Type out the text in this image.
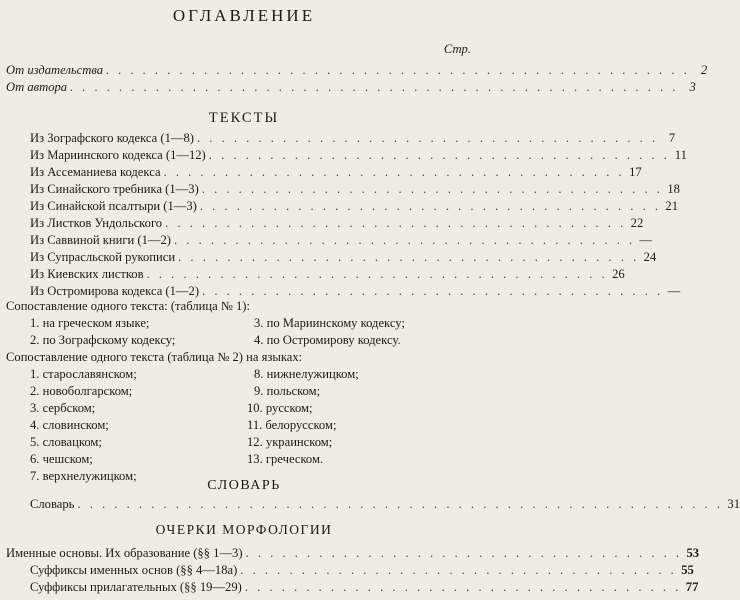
ОГЛАВЛЕНИЕ
Стр.
От издательства . . . . . . . . . . . . . . . . . . . . . . . . . . . . . . . . . . . . . . . . . . . . . . . . 2
От автора . . . . . . . . . . . . . . . . . . . . . . . . . . . . . . . . . . . . . . . . . . . . . . . . . . 3
ТЕКСТЫ
Из Зографского кодекса (1—8) . . . . . . . . . . . . . . . . . . . . . . . . . . . . . . . . . . . . . . 7
Из Мариинского кодекса (1—12) . . . . . . . . . . . . . . . . . . . . . . . . . . . . . . . . . . . . . . 11
Из Ассеманиева кодекса . . . . . . . . . . . . . . . . . . . . . . . . . . . . . . . . . . . . . . 17
Из Синайского требника (1—3) . . . . . . . . . . . . . . . . . . . . . . . . . . . . . . . . . . . . . . 18
Из Синайской псалтыри (1—3) . . . . . . . . . . . . . . . . . . . . . . . . . . . . . . . . . . . . . . 21
Из Листков Ундольского . . . . . . . . . . . . . . . . . . . . . . . . . . . . . . . . . . . . . . 22
Из Саввиной книги (1—2) . . . . . . . . . . . . . . . . . . . . . . . . . . . . . . . . . . . . . . —
Из Супрасльской рукописи . . . . . . . . . . . . . . . . . . . . . . . . . . . . . . . . . . . . . . 24
Из Киевских листков . . . . . . . . . . . . . . . . . . . . . . . . . . . . . . . . . . . . . . 26
Из Остромирова кодекса (1—2) . . . . . . . . . . . . . . . . . . . . . . . . . . . . . . . . . . . . . . —
Сопоставление одного текста: (таблица № 1):
1. на греческом языке;
2. по Зографскому кодексу;
3. по Мариинскому кодексу;
4. по Остромирову кодексу.
Сопоставление одного текста (таблица № 2) на языках:
1. старославянском;
2. новоболгарском;
3. сербском;
4. словинском;
5. словацком;
6. чешском;
7. верхнелужицком;
8. нижнелужицком;
9. польском;
10. русском;
11. белорусском;
12. украинском;
13. греческом.
СЛОВАРЬ
Словарь . . . . . . . . . . . . . . . . . . . . . . . . . . . . . . . . . . . . . . . . . . . . . . . . . . . . . 31
ОЧЕРКИ МОРФОЛОГИИ
Именные основы. Их образование (§§ 1—3) . . . . . . . . . . . . . . . . . . . . . . . . . . . . . . . . . . . . 53
Суффиксы именных основ (§§ 4—18а) . . . . . . . . . . . . . . . . . . . . . . . . . . . . . . . . . . . . 55
Суффиксы прилагательных (§§ 19—29) . . . . . . . . . . . . . . . . . . . . . . . . . . . . . . . . . . . . 77
